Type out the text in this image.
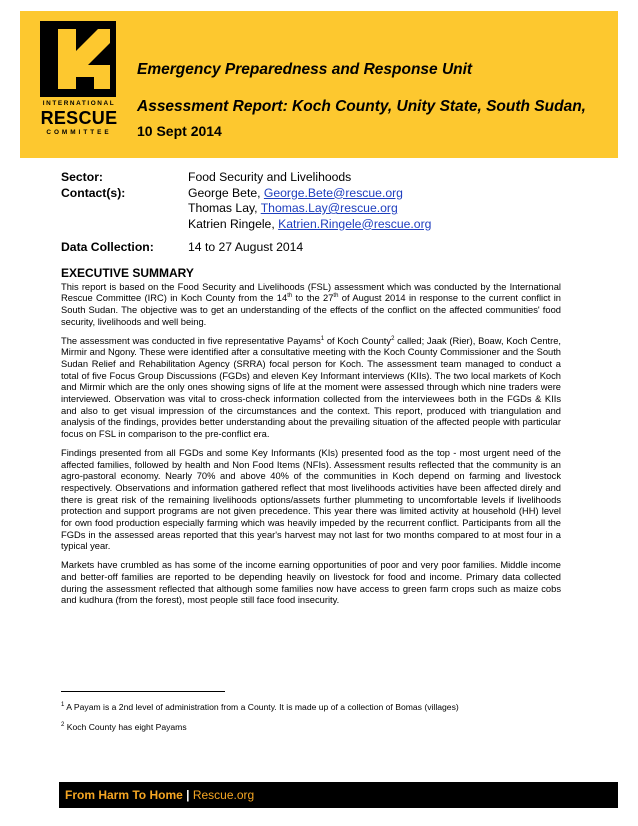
INTERNATIONAL
RESCUE
COMMITTEE
Emergency Preparedness and Response Unit
Assessment Report: Koch County, Unity State, South Sudan, 10 Sept 2014
Sector:	Food Security and Livelihoods
Contact(s):	George Bete, George.Bete@rescue.org
Thomas Lay, Thomas.Lay@rescue.org
Katrien Ringele, Katrien.Ringele@rescue.org
Data Collection:	14 to 27 August 2014
EXECUTIVE SUMMARY

This report is based on the Food Security and Livelihoods (FSL) assessment which was conducted by the International Rescue Committee (IRC) in Koch County from the 14th to the 27th of August 2014 in response to the current conflict in South Sudan. The objective was to get an understanding of the effects of the conflict on the affected communities' food security, livelihoods and well being.

The assessment was conducted in five representative Payams$^1$ of Koch County$^2$ called; Jaak (Rier), Boaw, Koch Centre, Mirmir and Ngony. These were identified after a consultative meeting with the Koch County Commissioner and the South Sudan Relief and Rehabilitation Agency (SRRA) focal person for Koch. The assessment team managed to conduct a total of five Focus Group Discussions (FGDs) and eleven Key Informant interviews (KIIs). The two local markets of Koch and Mirmir which are the only ones showing signs of life at the moment were assessed through which nine traders were interviewed. Observation was vital to cross-check information collected from the interviewees both in the FGDs & KIIs and also to get visual impression of the circumstances and the context. This report, produced with triangulation and analysis of the findings, provides better understanding about the prevailing situation of the affected people with particular focus on FSL in comparison to the pre-conflict era.

Findings presented from all FGDs and some Key Informants (KIs) presented food as the top - most urgent need of the affected families, followed by health and Non Food Items (NFIs). Assessment results reflected that the community is an agro-pastoral economy. Nearly 70% and above 40% of the communities in Koch depend on farming and livestock respectively. Observations and information gathered reflect that most livelihoods activities have been affected direly and there is great risk of the remaining livelihoods options/assets further plummeting to uncomfortable levels if livelihoods protection and support programs are not given precedence. This year there was limited activity at household (HH) level for own food production especially farming which was heavily impeded by the recurrent conflict. Participants from all the FGDs in the assessed areas reported that this year's harvest may not last for two months compared to at most four in a typical year.

Markets have crumbled as has some of the income earning opportunities of poor and very poor families. Middle income and better-off families are reported to be depending heavily on livestock for food and income. Primary data collected during the assessment reflected that although some families now have access to green farm crops such as maize cobs and kudhura (from the forest), most people still face food insecurity.

$^1$ A Payam is a 2nd level of administration from a County. It is made up of a collection of Bomas (villages)
$^2$ Koch County has eight Payams
From Harm To Home | Rescue.org
